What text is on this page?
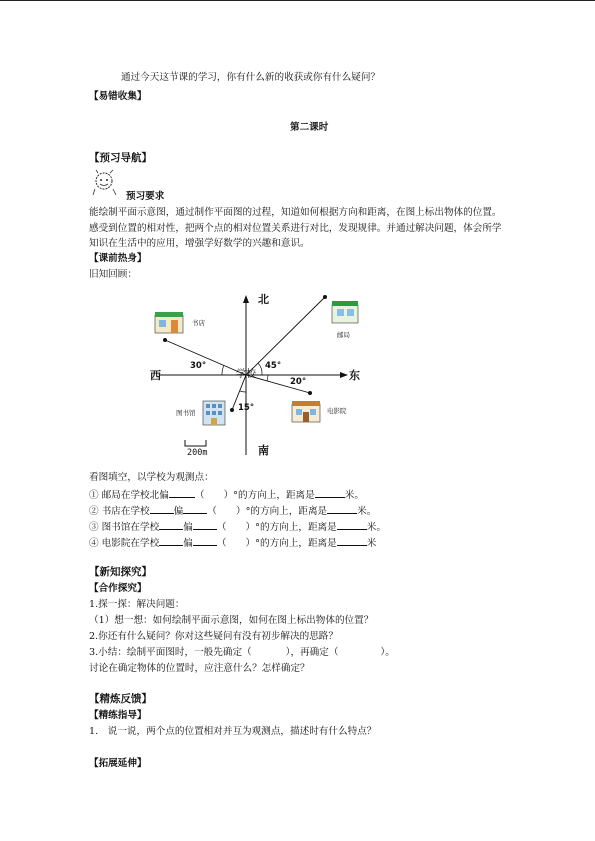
通过今天这节课的学习，你有什么新的收获或你有什么疑问？
【易错收集】
第二课时
【预习导航】
预习要求
能绘制平面示意图，通过制作平面图的过程，知道如何根据方向和距离，在图上标出物体的位置。感受到位置的相对性，把两个点的相对位置关系进行对比，发现规律。并通过解决问题，体会所学知识在生活中的应用，增强学好数学的兴趣和意识。
【课前热身】
旧知回顾：
北
南
西	东
学校
30°	45°
20°
15°
200m
书店
邮局
图书馆	电影院
看图填空，以学校为观测点：
① 邮局在学校北偏	（　　）°的方向上，距离是	米。
② 书店在学校	偏	（　　）°的方向上，距离是	米。
③ 图书馆在学校	偏	（　　）°的方向上，距离是	米。
④ 电影院在学校	偏	（　　）°的方向上，距离是	米
【新知探究】
【合作探究】
1.探一探：解决问题：
（1）想一想：如何绘制平面示意图，如何在图上标出物体的位置？
2.你还有什么疑问？你对这些疑问有没有初步解决的思路？
3.小结：绘制平面图时，一般先确定（	），再确定（	）。
讨论在确定物体的位置时，应注意什么？怎样确定？
【精炼反馈】
【精练指导】
1.　说一说，两个点的位置相对并互为观测点，描述时有什么特点？
【拓展延伸】
